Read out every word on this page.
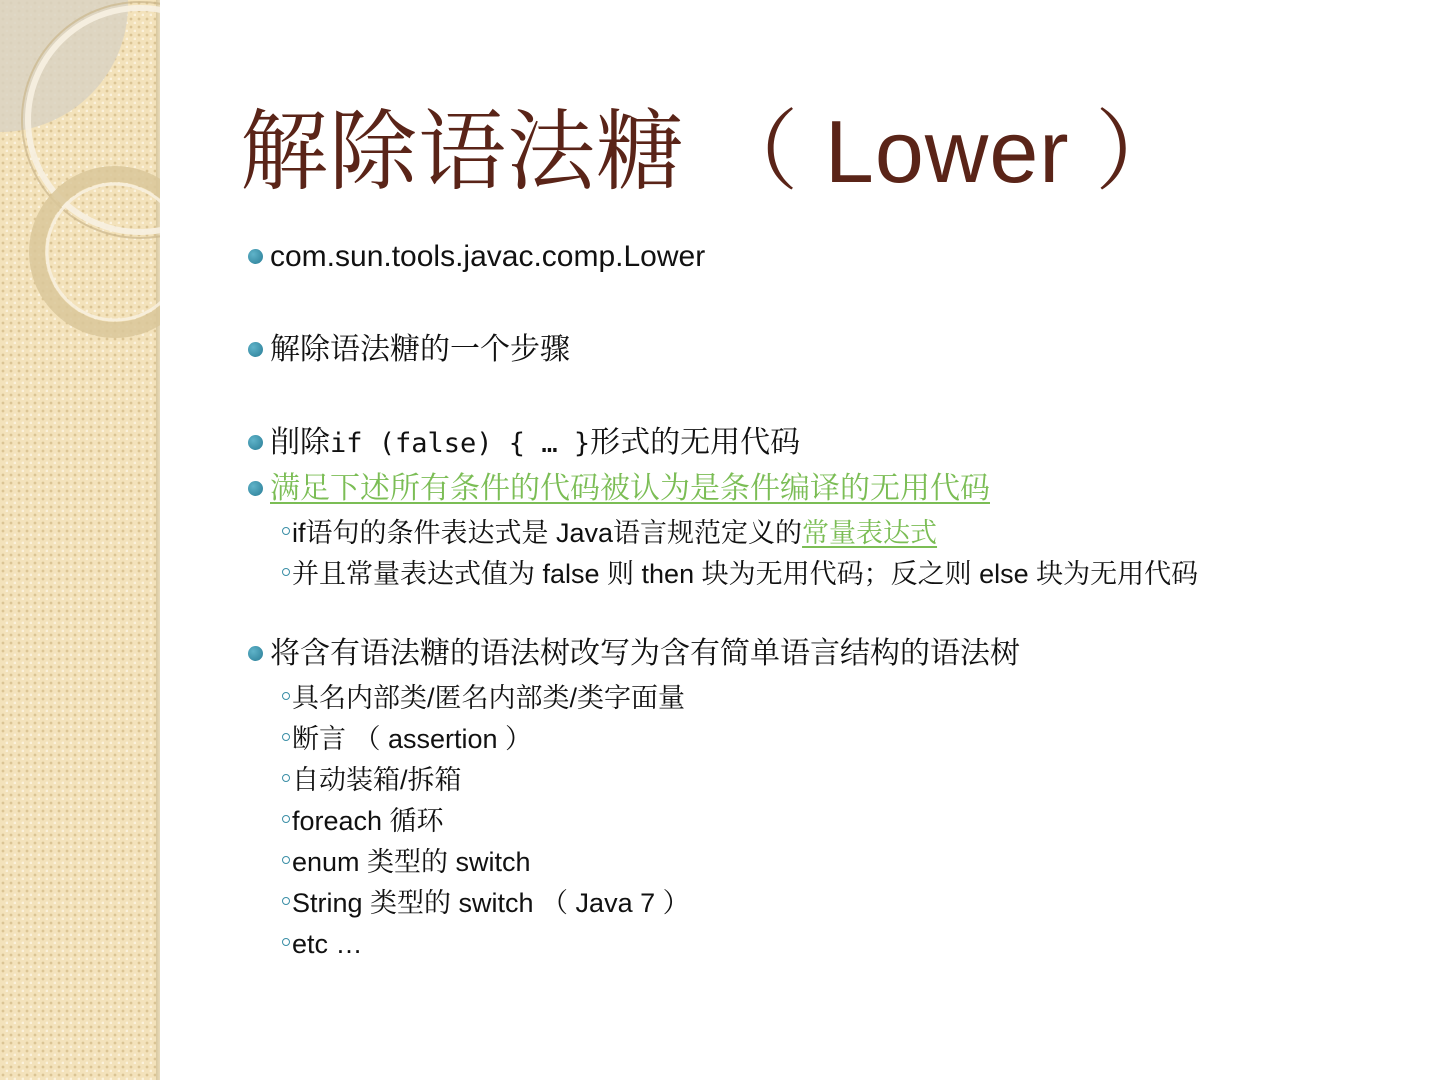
解除语法糖 （ Lower ）
com.sun.tools.javac.comp.Lower
解除语法糖的一个步骤
削除if (false) { … }形式的无用代码
满足下述所有条件的代码被认为是条件编译的无用代码
if语句的条件表达式是 Java语言规范定义的常量表达式
并且常量表达式值为 false 则 then 块为无用代码；反之则 else 块为无用代码
将含有语法糖的语法树改写为含有简单语言结构的语法树
具名内部类/匿名内部类/类字面量
断言 （ assertion ）
自动装箱/拆箱
foreach 循环
enum 类型的 switch
String 类型的 switch （ Java 7 ）
etc …
